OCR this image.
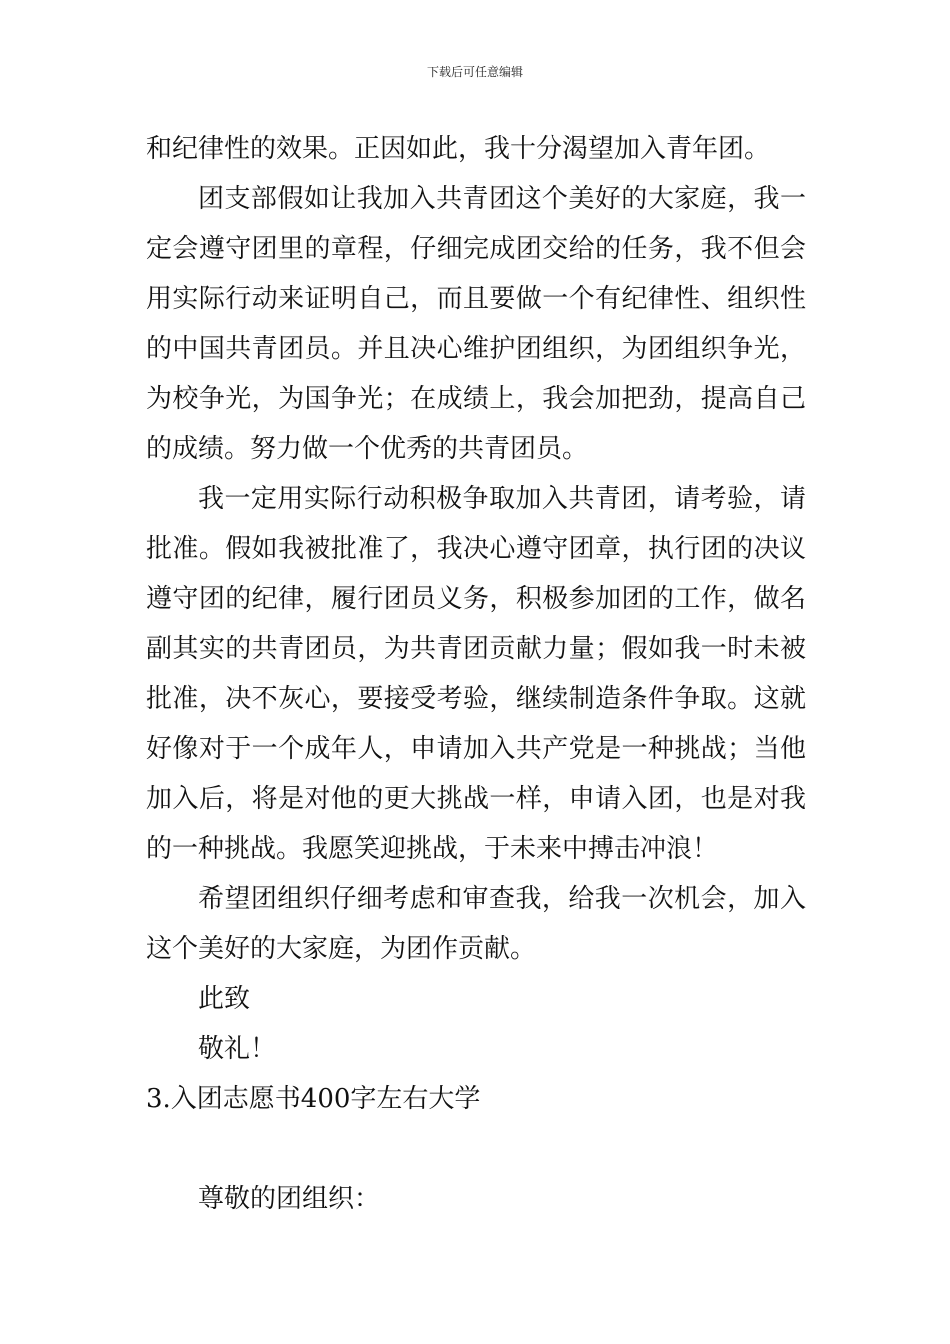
下载后可任意编辑
和纪律性的效果。正因如此，我十分渴望加入青年团。
团支部假如让我加入共青团这个美好的大家庭，我一
定会遵守团里的章程，仔细完成团交给的任务，我不但会
用实际行动来证明自己，而且要做一个有纪律性、组织性
的中国共青团员。并且决心维护团组织，为团组织争光，
为校争光，为国争光；在成绩上，我会加把劲，提高自己
的成绩。努力做一个优秀的共青团员。
我一定用实际行动积极争取加入共青团，请考验，请
批准。假如我被批准了，我决心遵守团章，执行团的决议
遵守团的纪律，履行团员义务，积极参加团的工作，做名
副其实的共青团员，为共青团贡献力量；假如我一时未被
批准，决不灰心，要接受考验，继续制造条件争取。这就
好像对于一个成年人，申请加入共产党是一种挑战；当他
加入后，将是对他的更大挑战一样，申请入团，也是对我
的一种挑战。我愿笑迎挑战，于未来中搏击冲浪！
希望团组织仔细考虑和审查我，给我一次机会，加入
这个美好的大家庭，为团作贡献。
此致
敬礼！
3.入团志愿书400字左右大学
尊敬的团组织：
